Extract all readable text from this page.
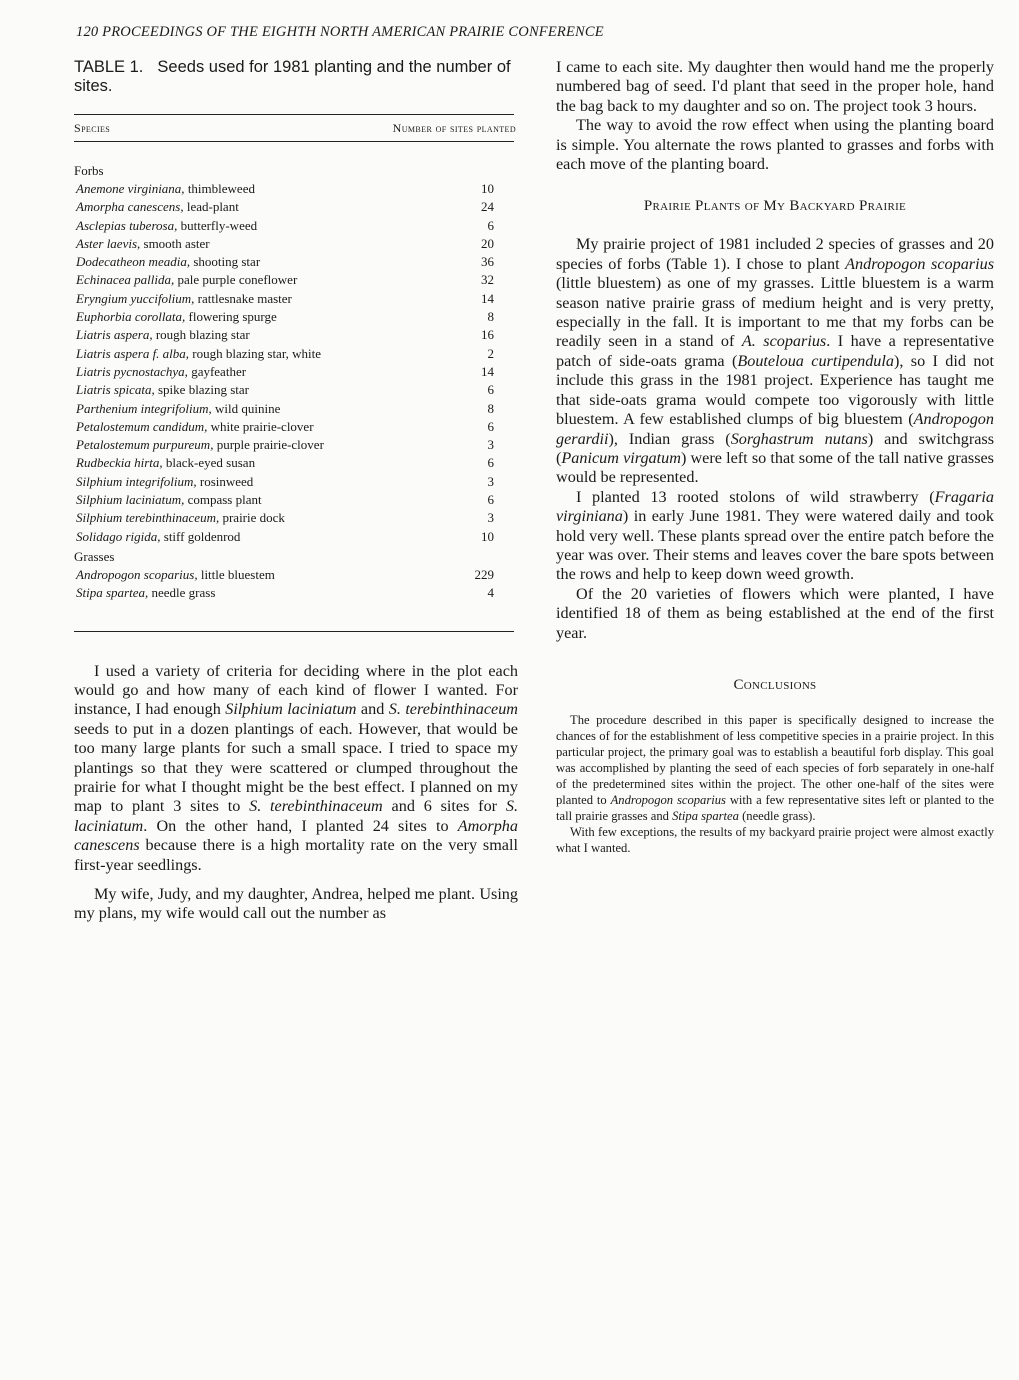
120 PROCEEDINGS OF THE EIGHTH NORTH AMERICAN PRAIRIE CONFERENCE
TABLE 1. Seeds used for 1981 planting and the number of sites.
Species	Number of sites planted

Forbs

Anemone virginiana, thimbleweed	10
Amorpha canescens, lead-plant	24
Asclepias tuberosa, butterfly-weed	6
Aster laevis, smooth aster	20
Dodecatheon meadia, shooting star	36
Echinacea pallida, pale purple coneflower	32
Eryngium yuccifolium, rattlesnake master	14
Euphorbia corollata, flowering spurge	8
Liatris aspera, rough blazing star	16
Liatris aspera f. alba, rough blazing star, white	2
Liatris pycnostachya, gayfeather	14
Liatris spicata, spike blazing star	6
Parthenium integrifolium, wild quinine	8
Petalostemum candidum, white prairie-clover	6
Petalostemum purpureum, purple prairie-clover	3
Rudbeckia hirta, black-eyed susan	6
Silphium integrifolium, rosinweed	3
Silphium laciniatum, compass plant	6
Silphium terebinthinaceum, prairie dock	3
Solidago rigida, stiff goldenrod	10

Grasses

Andropogon scoparius, little bluestem	229
Stipa spartea, needle grass	4

I used a variety of criteria for deciding where in the plot each would go and how many of each kind of flower I wanted. For instance, I had enough Silphium laciniatum and S. terebinthinaceum seeds to put in a dozen plantings of each. However, that would be too many large plants for such a small space. I tried to space my plantings so that they were scattered or clumped throughout the prairie for what I thought might be the best effect. I planned on my map to plant 3 sites to S. terebinthinaceum and 6 sites for S. laciniatum. On the other hand, I planted 24 sites to Amorpha canescens because there is a high mortality rate on the very small first-year seedlings.

My wife, Judy, and my daughter, Andrea, helped me plant. Using my plans, my wife would call out the number as

I came to each site. My daughter then would hand me the properly numbered bag of seed. I'd plant that seed in the proper hole, hand the bag back to my daughter and so on. The project took 3 hours.

The way to avoid the row effect when using the planting board is simple. You alternate the rows planted to grasses and forbs with each move of the planting board.

Prairie Plants of My Backyard Prairie

My prairie project of 1981 included 2 species of grasses and 20 species of forbs (Table 1). I chose to plant Andropogon scoparius (little bluestem) as one of my grasses. Little bluestem is a warm season native prairie grass of medium height and is very pretty, especially in the fall. It is important to me that my forbs can be readily seen in a stand of A. scoparius. I have a representative patch of side-oats grama (Bouteloua curtipendula), so I did not include this grass in the 1981 project. Experience has taught me that side-oats grama would compete too vigorously with little bluestem. A few established clumps of big bluestem (Andropogon gerardii), Indian grass (Sorghastrum nutans) and switchgrass (Panicum virgatum) were left so that some of the tall native grasses would be represented.

I planted 13 rooted stolons of wild strawberry (Fragaria virginiana) in early June 1981. They were watered daily and took hold very well. These plants spread over the entire patch before the year was over. Their stems and leaves cover the bare spots between the rows and help to keep down weed growth.

Of the 20 varieties of flowers which were planted, I have identified 18 of them as being established at the end of the first year.

Conclusions

The procedure described in this paper is specifically designed to increase the chances of for the establishment of less competitive species in a prairie project. In this particular project, the primary goal was to establish a beautiful forb display. This goal was accomplished by planting the seed of each species of forb separately in one-half of the predetermined sites within the project. The other one-half of the sites were planted to Andropogon scoparius with a few representative sites left or planted to the tall prairie grasses and Stipa spartea (needle grass).

With few exceptions, the results of my backyard prairie project were almost exactly what I wanted.
